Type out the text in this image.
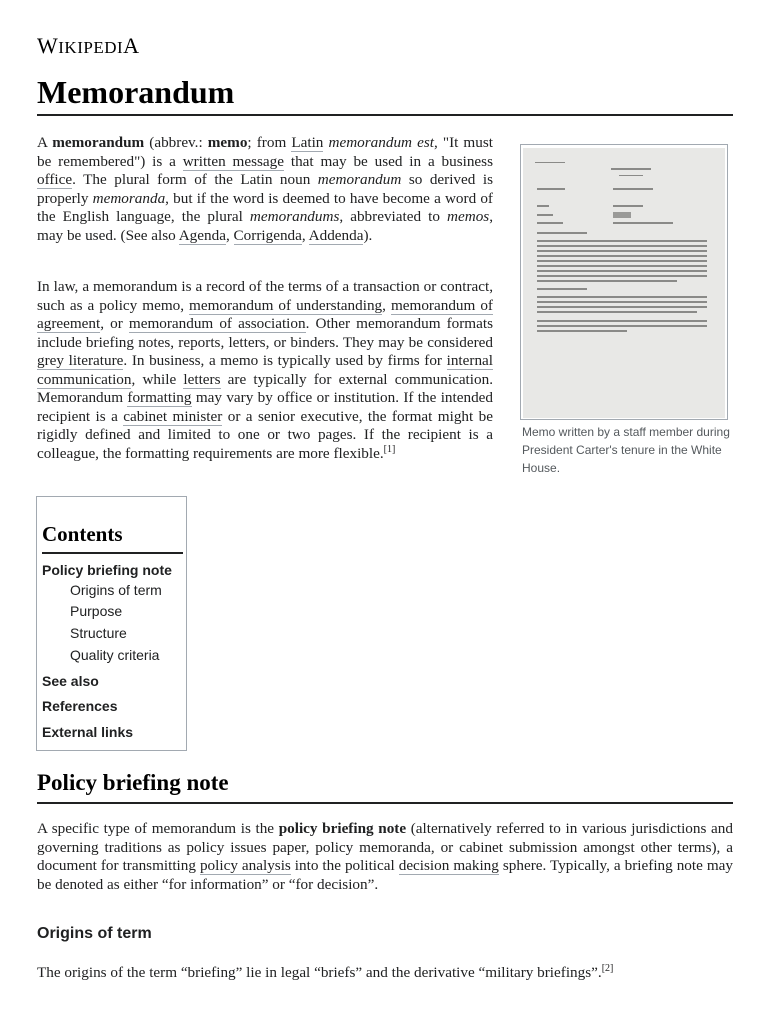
WIKIPEDIA
Memorandum

A memorandum (abbrev.: memo; from Latin memorandum est, "It must be remembered") is a written message that may be used in a business office. The plural form of the Latin noun memorandum so derived is properly memoranda, but if the word is deemed to have become a word of the English language, the plural memorandums, abbreviated to memos, may be used. (See also Agenda, Corrigenda, Addenda).

In law, a memorandum is a record of the terms of a transaction or contract, such as a policy memo, memorandum of understanding, memorandum of agreement, or memorandum of association. Other memorandum formats include briefing notes, reports, letters, or binders. They may be considered grey literature. In business, a memo is typically used by firms for internal communication, while letters are typically for external communication. Memorandum formatting may vary by office or institution. If the intended recipient is a cabinet minister or a senior executive, the format might be rigidly defined and limited to one or two pages. If the recipient is a colleague, the formatting requirements are more flexible.[1]

Memo written by a staff member during President Carter's tenure in the White House.
Contents
Policy briefing note
Origins of term
Purpose
Structure
Quality criteria
See also
References
External links
Policy briefing note

A specific type of memorandum is the policy briefing note (alternatively referred to in various jurisdictions and governing traditions as policy issues paper, policy memoranda, or cabinet submission amongst other terms), a document for transmitting policy analysis into the political decision making sphere. Typically, a briefing note may be denoted as either “for information” or “for decision”.

Origins of term

The origins of the term “briefing” lie in legal “briefs” and the derivative “military briefings”.[2]
